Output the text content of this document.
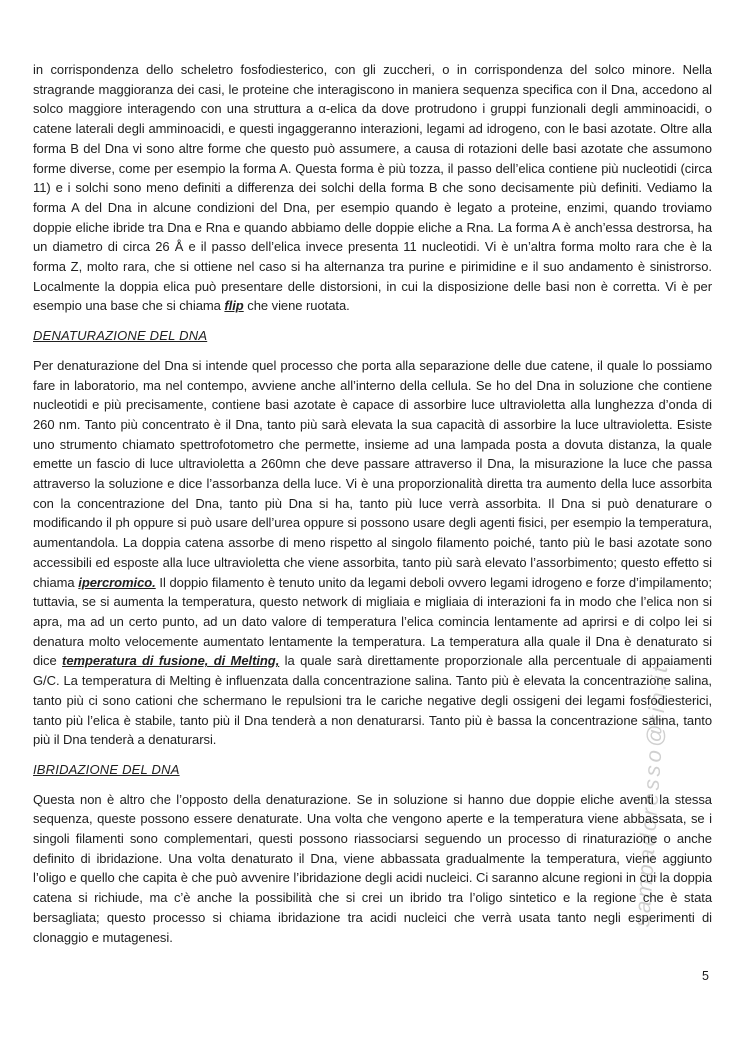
sampadoresso@tin.it

in corrispondenza dello scheletro fosfodiesterico, con gli zuccheri, o in corrispondenza del solco minore. Nella stragrande maggioranza dei casi, le proteine che interagiscono in maniera sequenza specifica con il Dna, accedono al solco maggiore interagendo con una struttura a α-elica da dove protrudono i gruppi funzionali degli amminoacidi, o catene laterali degli amminoacidi, e questi ingaggeranno interazioni, legami ad idrogeno, con le basi azotate. Oltre alla forma B del Dna vi sono altre forme che questo può assumere, a causa di rotazioni delle basi azotate che assumono forme diverse, come per esempio la forma A. Questa forma è più tozza, il passo dell’elica contiene più nucleotidi (circa 11) e i solchi sono meno definiti a differenza dei solchi della forma B che sono decisamente più definiti. Vediamo la forma A del Dna in alcune condizioni del Dna, per esempio quando è legato a proteine, enzimi, quando troviamo doppie eliche ibride tra Dna e Rna e quando abbiamo delle doppie eliche a Rna. La forma A è anch’essa destrorsa, ha un diametro di circa 26 Å e il passo dell’elica invece presenta 11 nucleotidi. Vi è un’altra forma molto rara che è la forma Z, molto rara, che si ottiene nel caso si ha alternanza tra purine e pirimidine e il suo andamento è sinistrorso. Localmente la doppia elica può presentare delle distorsioni, in cui la disposizione delle basi non è corretta. Vi è per esempio una base che si chiama flip che viene ruotata.

DENATURAZIONE DEL DNA

Per denaturazione del Dna si intende quel processo che porta alla separazione delle due catene, il quale lo possiamo fare in laboratorio, ma nel contempo, avviene anche all’interno della cellula. Se ho del Dna in soluzione che contiene nucleotidi e più precisamente, contiene basi azotate è capace di assorbire luce ultravioletta alla lunghezza d’onda di 260 nm. Tanto più concentrato è il Dna, tanto più sarà elevata la sua capacità di assorbire la luce ultravioletta. Esiste uno strumento chiamato spettrofotometro che permette, insieme ad una lampada posta a dovuta distanza, la quale emette un fascio di luce ultravioletta a 260mn che deve passare attraverso il Dna, la misurazione la luce che passa attraverso la soluzione e dice l’assorbanza della luce. Vi è una proporzionalità diretta tra aumento della luce assorbita con la concentrazione del Dna, tanto più Dna si ha, tanto più luce verrà assorbita. Il Dna si può denaturare o modificando il ph oppure si può usare dell’urea oppure si possono usare degli agenti fisici, per esempio la temperatura, aumentandola. La doppia catena assorbe di meno rispetto al singolo filamento poiché, tanto più le basi azotate sono accessibili ed esposte alla luce ultravioletta che viene assorbita, tanto più sarà elevato l’assorbimento; questo effetto si chiama ipercromico. Il doppio filamento è tenuto unito da legami deboli ovvero legami idrogeno e forze d’impilamento; tuttavia, se si aumenta la temperatura, questo network di migliaia e migliaia di interazioni fa in modo che l’elica non si apra, ma ad un certo punto, ad un dato valore di temperatura l’elica comincia lentamente ad aprirsi e di colpo lei si denatura molto velocemente aumentato lentamente la temperatura. La temperatura alla quale il Dna è denaturato si dice temperatura di fusione, di Melting, la quale sarà direttamente proporzionale alla percentuale di appaiamenti G/C. La temperatura di Melting è influenzata dalla concentrazione salina. Tanto più è elevata la concentrazione salina, tanto più ci sono cationi che schermano le repulsioni tra le cariche negative degli ossigeni dei legami fosfodiesterici, tanto più l’elica è stabile, tanto più il Dna tenderà a non denaturarsi. Tanto più è bassa la concentrazione salina, tanto più il Dna tenderà a denaturarsi.

IBRIDAZIONE DEL DNA

Questa non è altro che l’opposto della denaturazione. Se in soluzione si hanno due doppie eliche aventi la stessa sequenza, queste possono essere denaturate. Una volta che vengono aperte e la temperatura viene abbassata, se i singoli filamenti sono complementari, questi possono riassociarsi seguendo un processo di rinaturazione o anche definito di ibridazione. Una volta denaturato il Dna, viene abbassata gradualmente la temperatura, viene aggiunto l’oligo e quello che capita è che può avvenire l’ibridazione degli acidi nucleici. Ci saranno alcune regioni in cui la doppia catena si richiude, ma c’è anche la possibilità che si crei un ibrido tra l’oligo sintetico e la regione che è stata bersagliata; questo processo si chiama ibridazione tra acidi nucleici che verrà usata tanto negli esperimenti di clonaggio e mutagenesi.

5
